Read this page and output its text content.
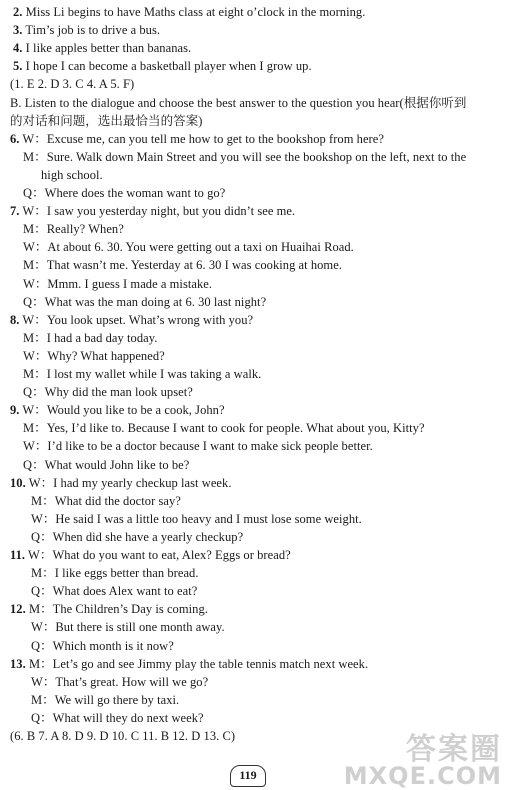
2. Miss Li begins to have Maths class at eight o’clock in the morning.
3. Tim’s job is to drive a bus.
4. I like apples better than bananas.
5. I hope I can become a basketball player when I grow up.
(1. E 2. D 3. C 4. A 5. F)
B. Listen to the dialogue and choose the best answer to the question you hear(根据你听到
的对话和问题，选出最恰当的答案)
6. W：Excuse me, can you tell me how to get to the bookshop from here?
M：Sure. Walk down Main Street and you will see the bookshop on the left, next to the
high school.
Q：Where does the woman want to go?
7. W：I saw you yesterday night, but you didn’t see me.
M：Really? When?
W：At about 6. 30. You were getting out a taxi on Huaihai Road.
M：That wasn’t me. Yesterday at 6. 30 I was cooking at home.
W：Mmm. I guess I made a mistake.
Q：What was the man doing at 6. 30 last night?
8. W：You look upset. What’s wrong with you?
M：I had a bad day today.
W：Why? What happened?
M：I lost my wallet while I was taking a walk.
Q：Why did the man look upset?
9. W：Would you like to be a cook, John?
M：Yes, I’d like to. Because I want to cook for people. What about you, Kitty?
W：I’d like to be a doctor because I want to make sick people better.
Q：What would John like to be?
10. W：I had my yearly checkup last week.
M：What did the doctor say?
W：He said I was a little too heavy and I must lose some weight.
Q：When did she have a yearly checkup?
11. W：What do you want to eat, Alex? Eggs or bread?
M：I like eggs better than bread.
Q：What does Alex want to eat?
12. M：The Children’s Day is coming.
W：But there is still one month away.
Q：Which month is it now?
13. M：Let’s go and see Jimmy play the table tennis match next week.
W：That’s great. How will we go?
M：We will go there by taxi.
Q：What will they do next week?
(6. B 7. A 8. D 9. D 10. C 11. B 12. D 13. C)
119
答案圈
MXQE.COM
